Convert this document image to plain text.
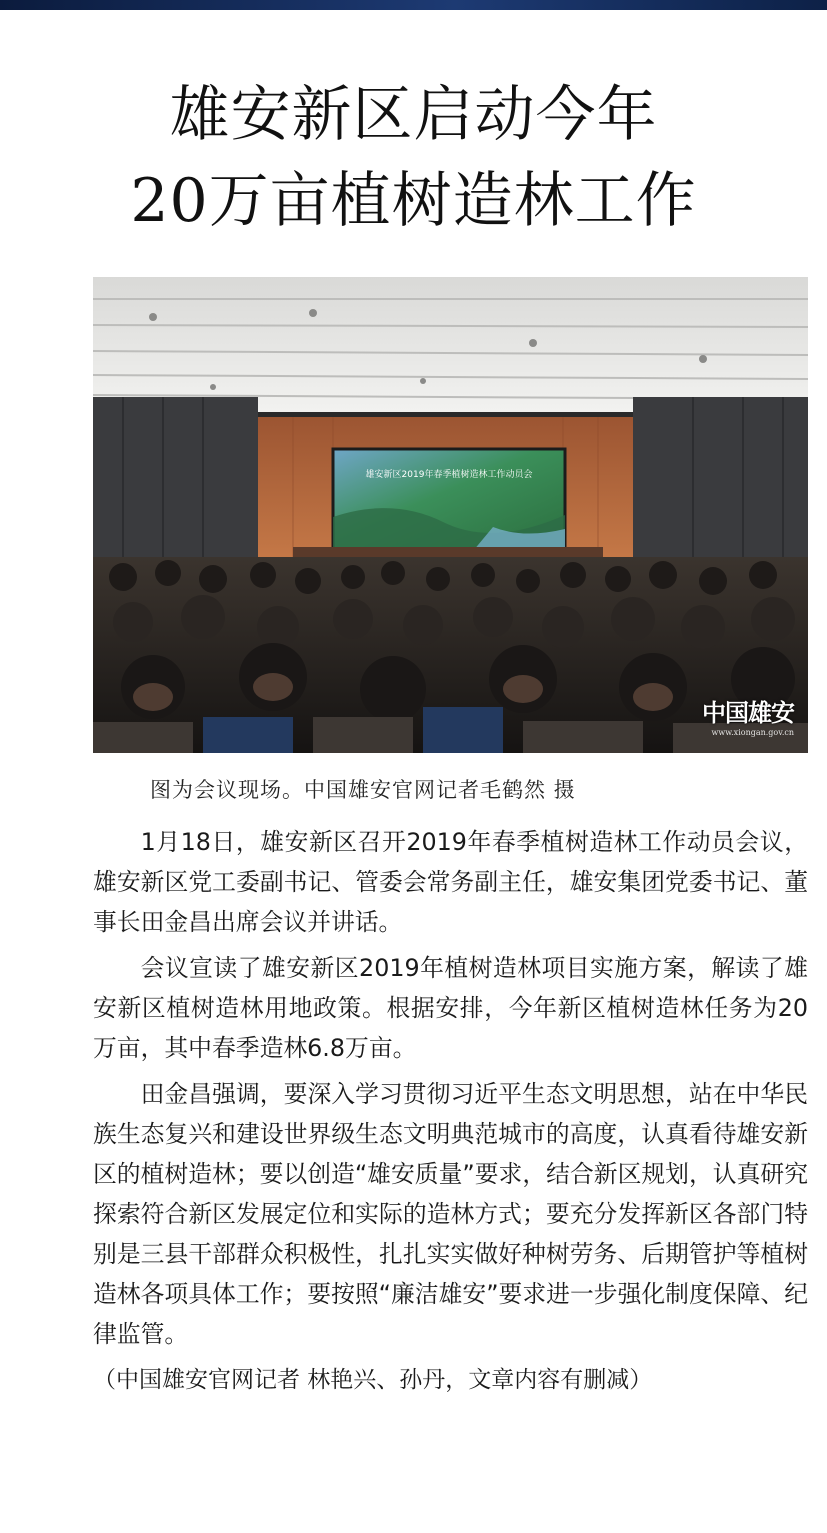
雄安新区启动今年
20万亩植树造林工作
雄安新区2019年春季植树造林工作动员会
中国雄安
www.xiongan.gov.cn
图为会议现场。中国雄安官网记者毛鹤然 摄

1月18日，雄安新区召开2019年春季植树造林工作动员会议，雄安新区党工委副书记、管委会常务副主任，雄安集团党委书记、董事长田金昌出席会议并讲话。

会议宣读了雄安新区2019年植树造林项目实施方案，解读了雄安新区植树造林用地政策。根据安排，今年新区植树造林任务为20万亩，其中春季造林6.8万亩。

田金昌强调，要深入学习贯彻习近平生态文明思想，站在中华民族生态复兴和建设世界级生态文明典范城市的高度，认真看待雄安新区的植树造林；要以创造“雄安质量”要求，结合新区规划，认真研究探索符合新区发展定位和实际的造林方式；要充分发挥新区各部门特别是三县干部群众积极性，扎扎实实做好种树劳务、后期管护等植树造林各项具体工作；要按照“廉洁雄安”要求进一步强化制度保障、纪律监管。

（中国雄安官网记者 林艳兴、孙丹，文章内容有删减）
